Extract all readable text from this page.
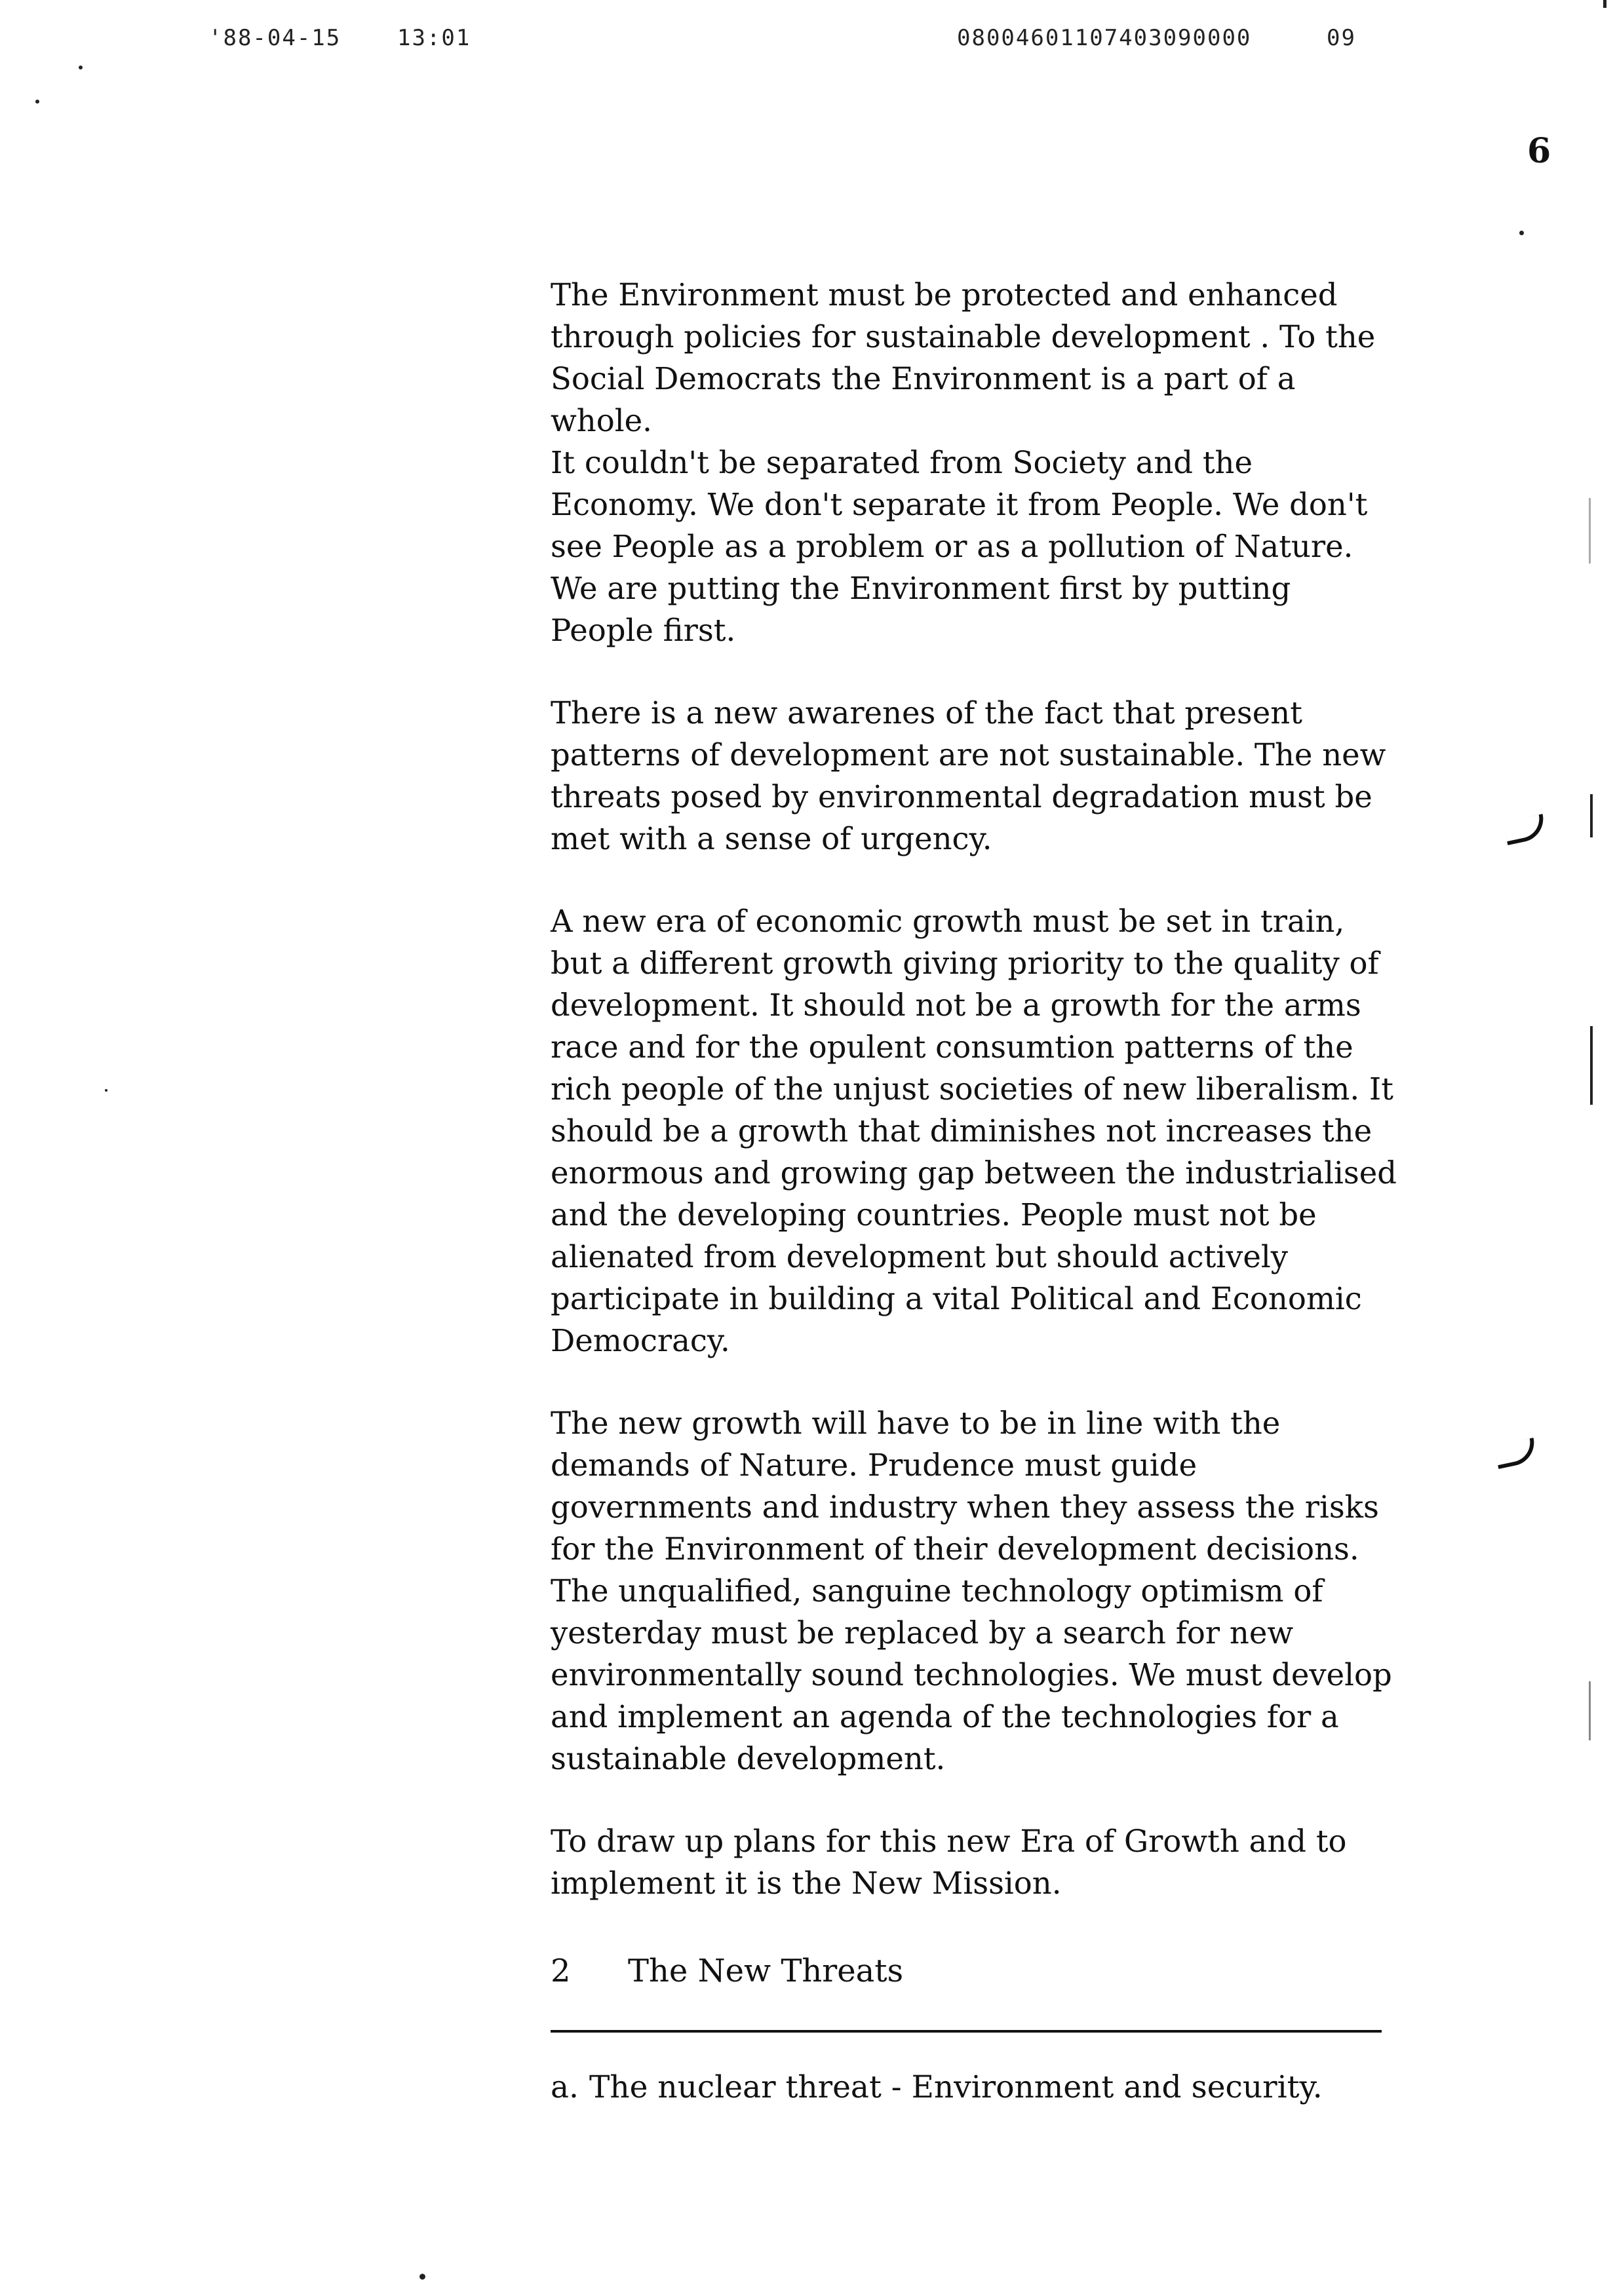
'88-04-15	13:01	08004601107403090000	09
6

The Environment must be protected and enhanced
through policies for sustainable development . To the
Social Democrats the Environment is a part of a whole.
It couldn't be separated from Society and the
Economy. We don't separate it from People. We don't
see People as a problem or as a pollution of Nature.
We are putting the Environment first by putting
People first.

There is a new awarenes of the fact that present
patterns of development are not sustainable. The new
threats posed by environmental degradation must be
met with a sense of urgency.

A new era of economic growth must be set in train,
but a different growth giving priority to the quality of
development. It should not be a growth for the arms
race and for the opulent consumtion patterns of the
rich people of the unjust societies of new liberalism. It
should be a growth that diminishes not increases the
enormous and growing gap between the industrialised
and the developing countries. People must not be
alienated from development but should actively
participate in building a vital Political and Economic
Democracy.

The new growth will have to be in line with the
demands of Nature. Prudence must guide
governments and industry when they assess the risks
for the Environment of their development decisions.
The unqualified, sanguine technology optimism of
yesterday must be replaced by a search for new
environmentally sound technologies. We must develop
and implement an agenda of the technologies for a
sustainable development.

To draw up plans for this new Era of Growth and to
implement it is the New Mission.

2	The New Threats
a. The nuclear threat - Environment and security.
